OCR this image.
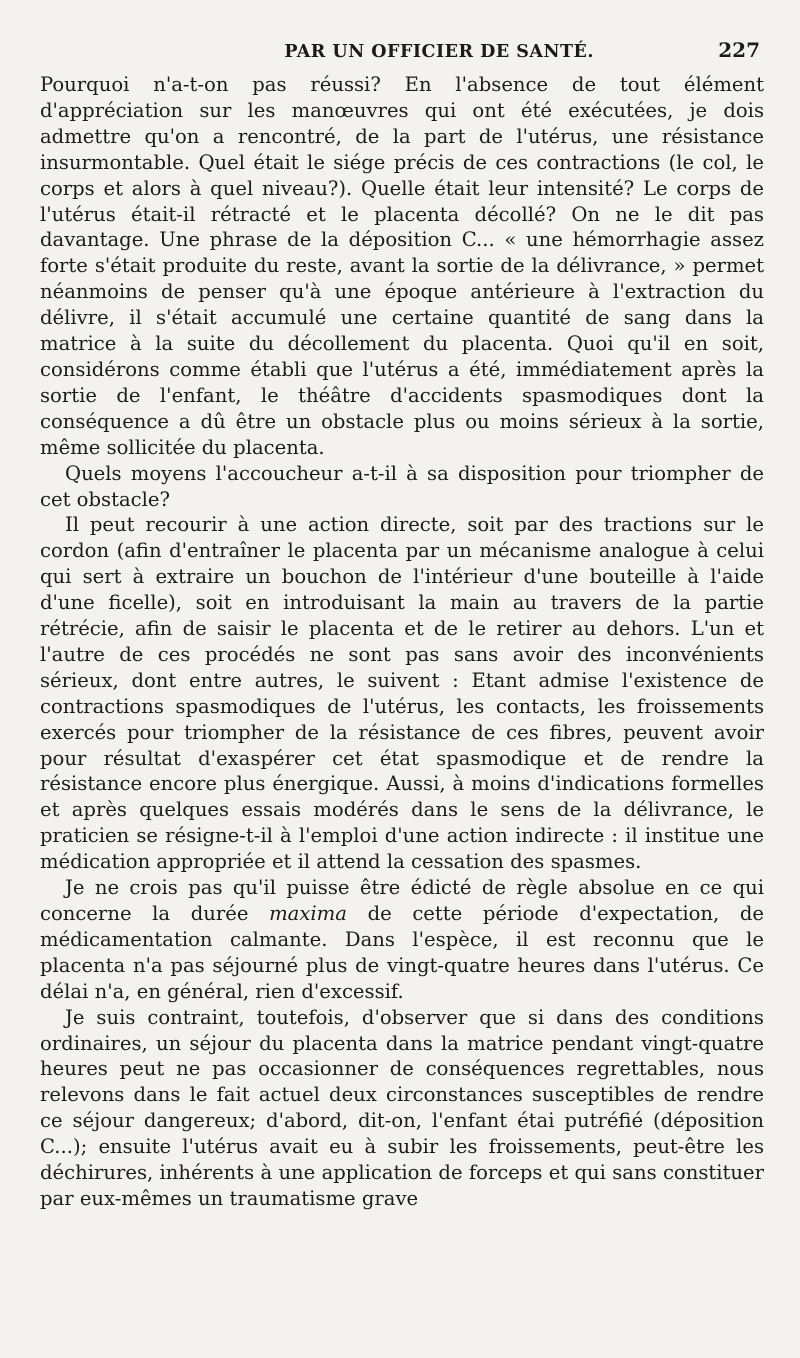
PAR UN OFFICIER DE SANTÉ.	227

Pourquoi n'a-t-on pas réussi? En l'absence de tout élément d'appréciation sur les manœuvres qui ont été exécutées, je dois admettre qu'on a rencontré, de la part de l'utérus, une résistance insurmontable. Quel était le siége précis de ces contractions (le col, le corps et alors à quel niveau?). Quelle était leur intensité? Le corps de l'utérus était-il rétracté et le placenta décollé? On ne le dit pas davantage. Une phrase de la déposition C... « une hémorrhagie assez forte s'était produite du reste, avant la sortie de la délivrance, » permet néanmoins de penser qu'à une époque antérieure à l'extraction du délivre, il s'était accumulé une certaine quantité de sang dans la matrice à la suite du décollement du placenta. Quoi qu'il en soit, considérons comme établi que l'utérus a été, immédiatement après la sortie de l'enfant, le théâtre d'accidents spasmodiques dont la conséquence a dû être un obstacle plus ou moins sérieux à la sortie, même sollicitée du placenta.

Quels moyens l'accoucheur a-t-il à sa disposition pour triompher de cet obstacle?

Il peut recourir à une action directe, soit par des tractions sur le cordon (afin d'entraîner le placenta par un mécanisme analogue à celui qui sert à extraire un bouchon de l'intérieur d'une bouteille à l'aide d'une ficelle), soit en introduisant la main au travers de la partie rétrécie, afin de saisir le placenta et de le retirer au dehors. L'un et l'autre de ces procédés ne sont pas sans avoir des inconvénients sérieux, dont entre autres, le suivent : Etant admise l'existence de contractions spasmodiques de l'utérus, les contacts, les froissements exercés pour triompher de la résistance de ces fibres, peuvent avoir pour résultat d'exaspérer cet état spasmodique et de rendre la résistance encore plus énergique. Aussi, à moins d'indications formelles et après quelques essais modérés dans le sens de la délivrance, le praticien se résigne-t-il à l'emploi d'une action indirecte : il institue une médication appropriée et il attend la cessation des spasmes.

Je ne crois pas qu'il puisse être édicté de règle absolue en ce qui concerne la durée maxima de cette période d'expectation, de médicamentation calmante. Dans l'espèce, il est reconnu que le placenta n'a pas séjourné plus de vingt-quatre heures dans l'utérus. Ce délai n'a, en général, rien d'excessif.

Je suis contraint, toutefois, d'observer que si dans des conditions ordinaires, un séjour du placenta dans la matrice pendant vingt-quatre heures peut ne pas occasionner de conséquences regrettables, nous relevons dans le fait actuel deux circonstances susceptibles de rendre ce séjour dangereux; d'abord, dit-on, l'enfant étai putréfié (déposition C...); ensuite l'utérus avait eu à subir les froissements, peut-être les déchirures, inhérents à une application de forceps et qui sans constituer par eux-mêmes un traumatisme grave
